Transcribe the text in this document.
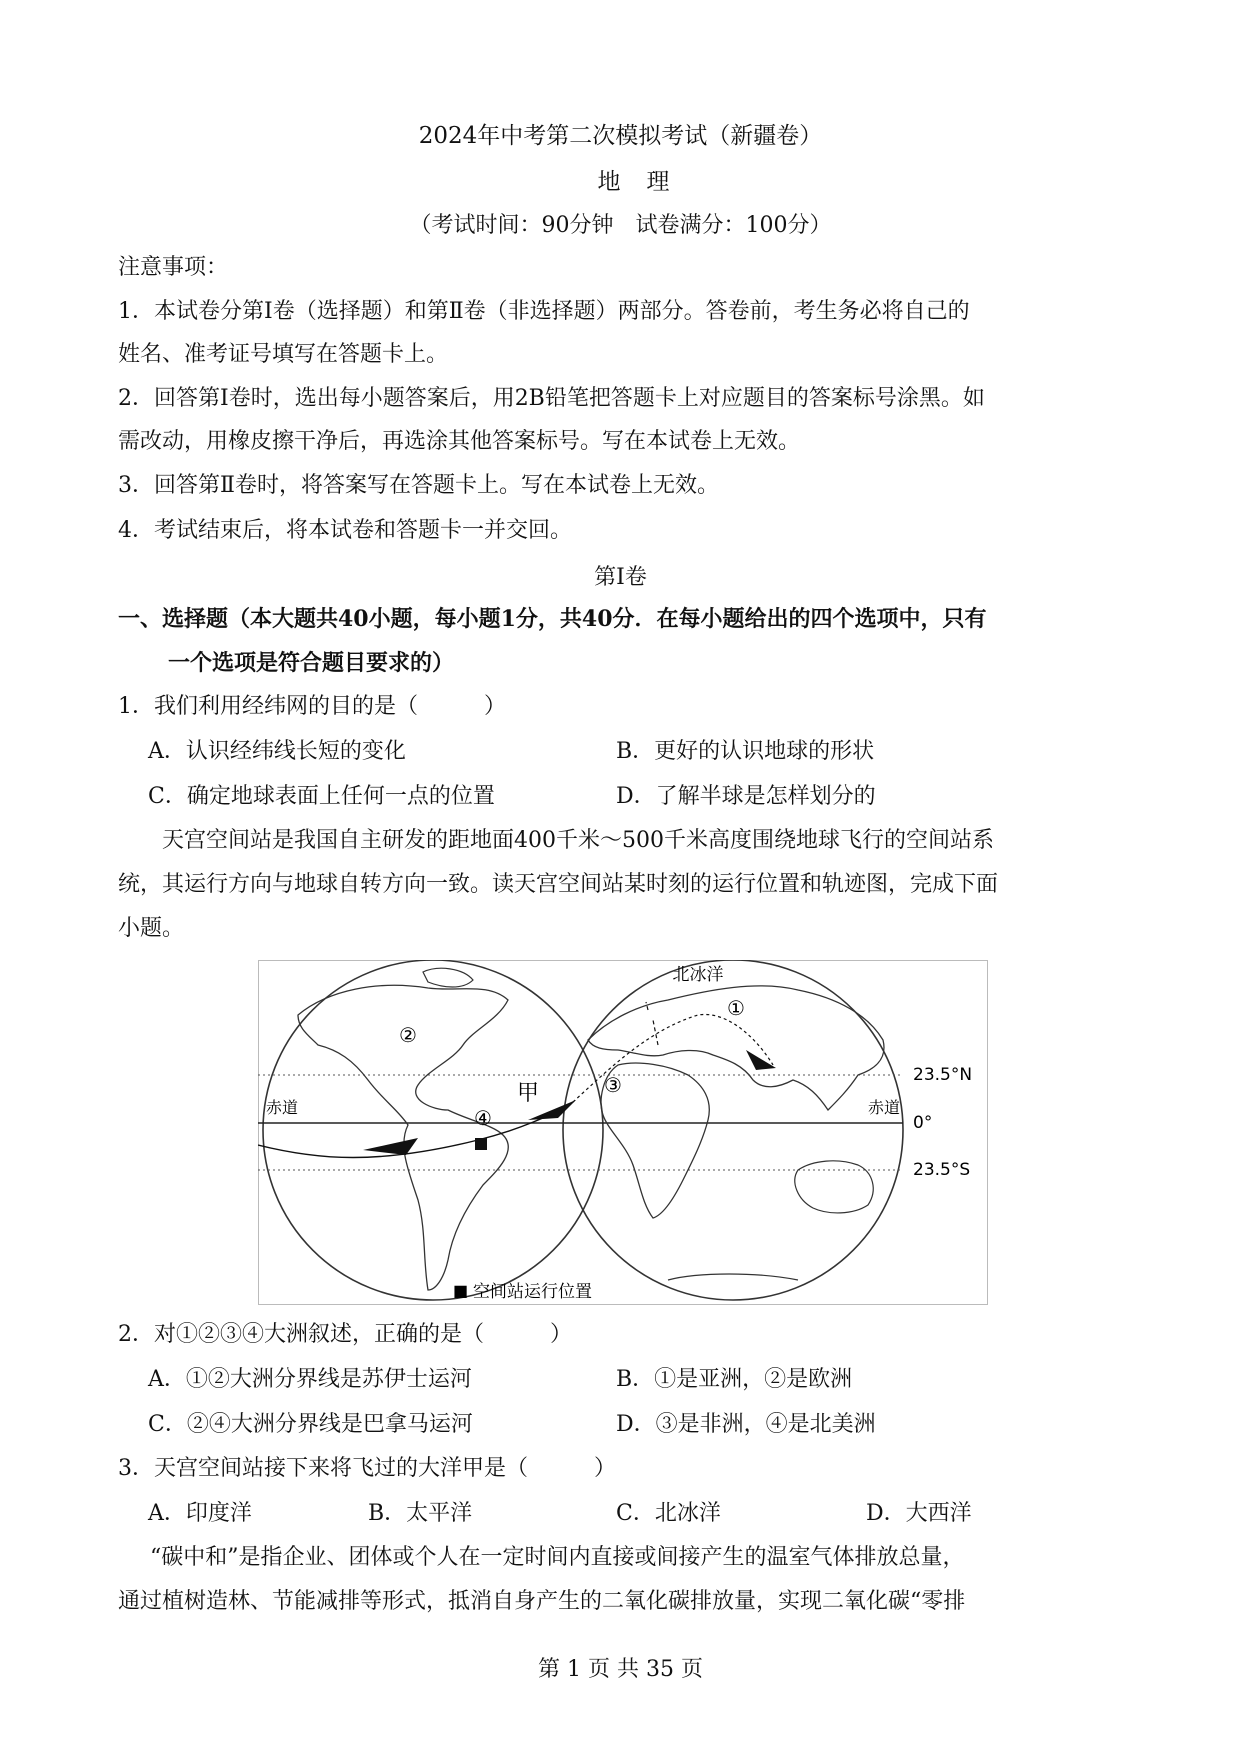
2024年中考第二次模拟考试（新疆卷）
地理
（考试时间：90分钟　试卷满分：100分）
注意事项：
1．本试卷分第Ⅰ卷（选择题）和第Ⅱ卷（非选择题）两部分。答卷前，考生务必将自己的
姓名、准考证号填写在答题卡上。
2．回答第Ⅰ卷时，选出每小题答案后，用2B铅笔把答题卡上对应题目的答案标号涂黑。如
需改动，用橡皮擦干净后，再选涂其他答案标号。写在本试卷上无效。
3．回答第Ⅱ卷时，将答案写在答题卡上。写在本试卷上无效。
4．考试结束后，将本试卷和答题卡一并交回。
第Ⅰ卷
一、选择题（本大题共40小题，每小题1分，共40分．在每小题给出的四个选项中，只有
一个选项是符合题目要求的）
1．我们利用经纬网的目的是（　　　）
A．认识经纬线长短的变化	B．更好的认识地球的形状
C．确定地球表面上任何一点的位置	D．了解半球是怎样划分的
天宫空间站是我国自主研发的距地面400千米～500千米高度围绕地球飞行的空间站系
统，其运行方向与地球自转方向一致。读天宫空间站某时刻的运行位置和轨迹图，完成下面
小题。
②
④
③
①
甲
北冰洋
赤道	赤道
23.5°N
0°
23.5°S
■ 空间站运行位置
2．对①②③④大洲叙述，正确的是（　　　）
A．①②大洲分界线是苏伊士运河	B．①是亚洲，②是欧洲
C．②④大洲分界线是巴拿马运河	D．③是非洲，④是北美洲
3．天宫空间站接下来将飞过的大洋甲是（　　　）
A．印度洋	B．太平洋	C．北冰洋	D．大西洋
“碳中和”是指企业、团体或个人在一定时间内直接或间接产生的温室气体排放总量，
通过植树造林、节能减排等形式，抵消自身产生的二氧化碳排放量，实现二氧化碳“零排
第 1 页 共 35 页
